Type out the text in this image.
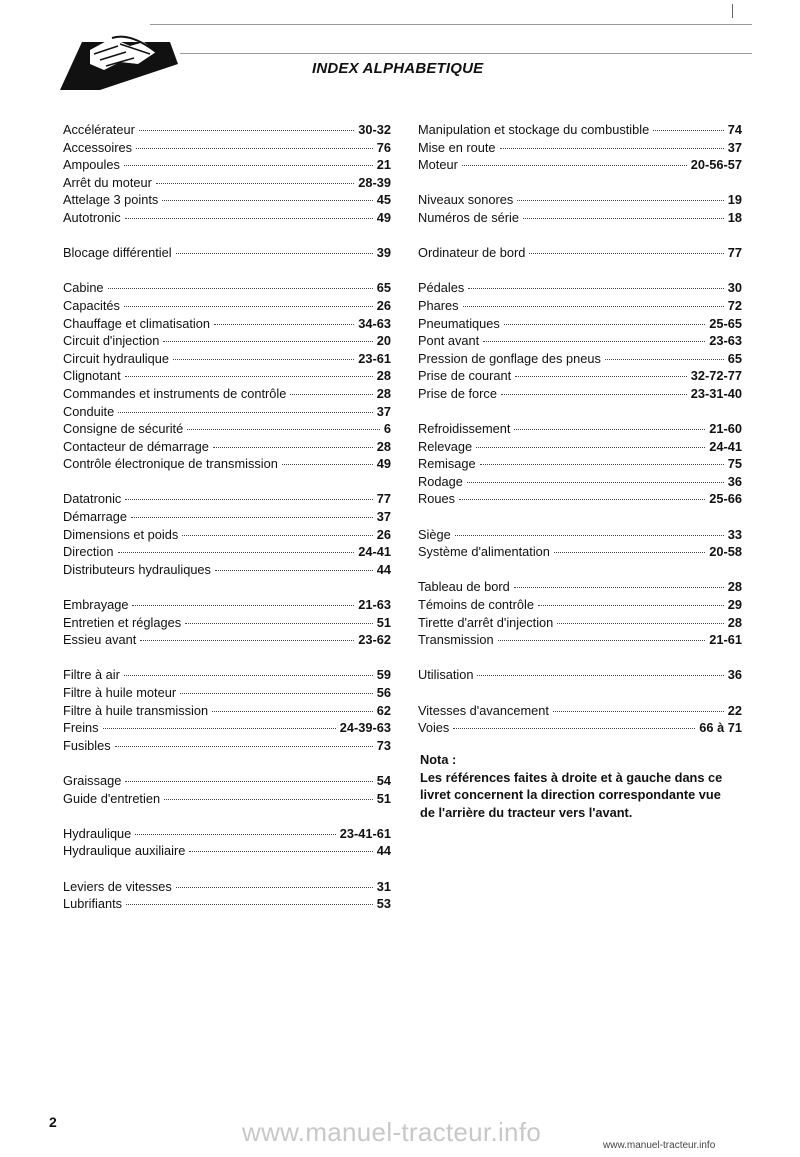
INDEX ALPHABETIQUE
Accélérateur	30-32
Accessoires	76
Ampoules	21
Arrêt du moteur	28-39
Attelage 3 points	45
Autotronic	49
Blocage différentiel	39
Cabine	65
Capacités	26
Chauffage et climatisation	34-63
Circuit d'injection	20
Circuit hydraulique	23-61
Clignotant	28
Commandes et instruments de contrôle	28
Conduite	37
Consigne de sécurité	6
Contacteur de démarrage	28
Contrôle électronique de transmission	49
Datatronic	77
Démarrage	37
Dimensions et poids	26
Direction	24-41
Distributeurs hydrauliques	44
Embrayage	21-63
Entretien et réglages	51
Essieu avant	23-62
Filtre à air	59
Filtre à huile moteur	56
Filtre à huile transmission	62
Freins	24-39-63
Fusibles	73
Graissage	54
Guide d'entretien	51
Hydraulique	23-41-61
Hydraulique auxiliaire	44
Leviers de vitesses	31
Lubrifiants	53
Manipulation et stockage du combustible	74
Mise en route	37
Moteur	20-56-57
Niveaux sonores	19
Numéros de série	18
Ordinateur de bord	77
Pédales	30
Phares	72
Pneumatiques	25-65
Pont avant	23-63
Pression de gonflage des pneus	65
Prise de courant	32-72-77
Prise de force	23-31-40
Refroidissement	21-60
Relevage	24-41
Remisage	75
Rodage	36
Roues	25-66
Siège	33
Système d'alimentation	20-58
Tableau de bord	28
Témoins de contrôle	29
Tirette d'arrêt d'injection	28
Transmission	21-61
Utilisation	36
Vitesses d'avancement	22
Voies	66 à 71
Nota :
Les références faites à droite et à gauche dans ce
livret concernent la direction correspondante vue
de l'arrière du tracteur vers l'avant.
2	www.manuel-tracteur.info	www.manuel-tracteur.info
